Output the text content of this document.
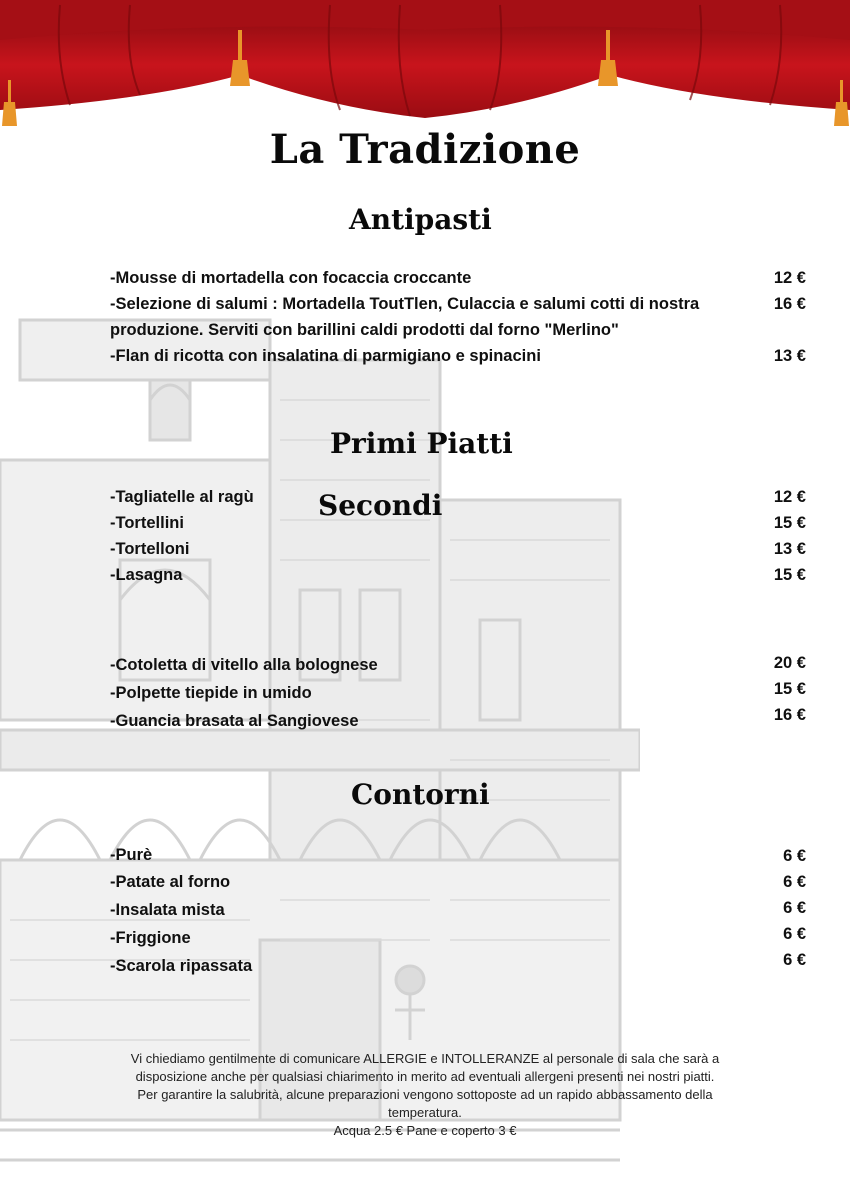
La Tradizione
Antipasti
-Mousse di mortadella con focaccia croccante	12 €
-Selezione di salumi : Mortadella ToutTlen, Culaccia e salumi cotti di nostra produzione. Serviti con barillini caldi prodotti dal forno "Merlino"
16 €
-Flan di ricotta con insalatina di parmigiano e spinacini	13 €
Primi Piatti
-Tagliatelle al ragù	12 €
-Tortellini	15 €
-Tortelloni	13 €
-Lasagna	15 €
Secondi
-Cotoletta di vitello alla bolognese	20 €
-Polpette tiepide in umido	15 €
-Guancia brasata al Sangiovese	16 €
Contorni
-Purè	6 €
-Patate al forno	6 €
-Insalata mista	6 €
-Friggione	6 €
-Scarola ripassata	6 €

Vi chiediamo gentilmente di comunicare ALLERGIE e INTOLLERANZE al personale di sala che sarà a disposizione anche per qualsiasi chiarimento in merito ad eventuali allergeni presenti nei nostri piatti.

Per garantire la salubrità, alcune preparazioni vengono sottoposte ad un rapido abbassamento della temperatura.

Acqua 2.5 € Pane e coperto 3 €
